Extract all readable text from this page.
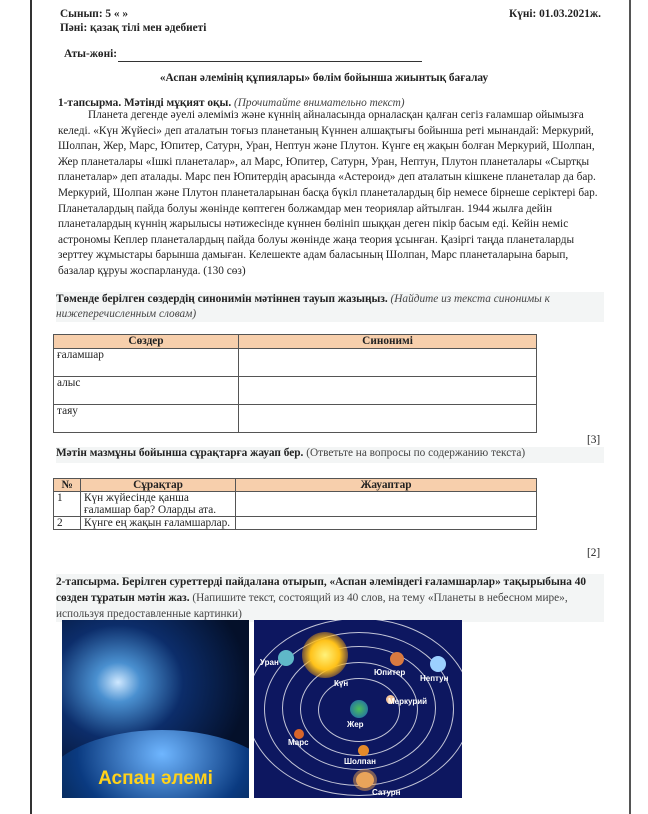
Сынып: 5 « »
Пәні: қазақ тілі мен әдебиеті
Күні: 01.03.2021ж.
Аты-жөні:
«Аспан әлемінің құпиялары» бөлім бойынша жиынтық бағалау
1-тапсырма. Мәтінді мұқият оқы. (Прочитайте внимательно текст)
Планета дегенде әуелі әлеміміз және күннің айналасында орналасқан қалған сегіз ғаламшар ойымызға келеді. «Күн Жүйесі» деп аталатын тоғыз планетаның Күннен алшақтығы бойынша реті мынандай: Меркурий, Шолпан, Жер, Марс, Юпитер, Сатурн, Уран, Нептун және Плутон. Күнге ең жақын болған Меркурий, Шолпан, Жер планеталары «Ішкі планеталар», ал Марс, Юпитер, Сатурн, Уран, Нептун, Плутон планеталары «Сыртқы планеталар» деп аталады. Марс пен Юпитердің арасында «Астероид» деп аталатын кішкене планеталар да бар. Меркурий, Шолпан және Плутон планеталарынан басқа бүкіл планеталардың бір немесе бірнеше серіктері бар. Планеталардың пайда болуы жөнінде көптеген болжамдар мен теориялар айтылған. 1944 жылға дейін планеталардың күннің жарылысы нәтижесінде күннен бөлініп шыққан деген пікір басым еді. Кейін неміс астрономы Кеплер планеталардың пайда болуы жөнінде жаңа теория ұсынған. Қазіргі таңда планеталарды зерттеу жұмыстары барынша дамыған. Келешекте адам баласының Шолпан, Марс планеталарына барып, базалар құруы жоспарлануда. (130 сөз)
Төменде берілген сөздердің синонимін мәтіннен тауып жазыңыз. (Найдите из текста синонимы к нижеперечисленным словам)
Сөздер	Синонимі
ғаламшар	
алыс	
таяу	
[3]
Мәтін мазмұны бойынша сұрақтарға жауап бер. (Ответьте на вопросы по содержанию текста)
№	Сұрақтар	Жауаптар
1	Күн жүйесінде қанша ғаламшар бар? Оларды ата.	
2	Күнге ең жақын ғаламшарлар.	
[2]
2-тапсырма. Берілген суреттерді пайдалана отырып, «Аспан әлеміндегі ғаламшарлар» тақырыбына 40 сөзден тұратын мәтін жаз. (Напишите текст, состоящий из 40 слов, на тему «Планеты в небесном мире», используя предоставленные картинки)
Аспан әлемі
Уран
Юпитер
Нептун
Күн
Меркурий
Жер
Марс
Шолпан
Сатурн
